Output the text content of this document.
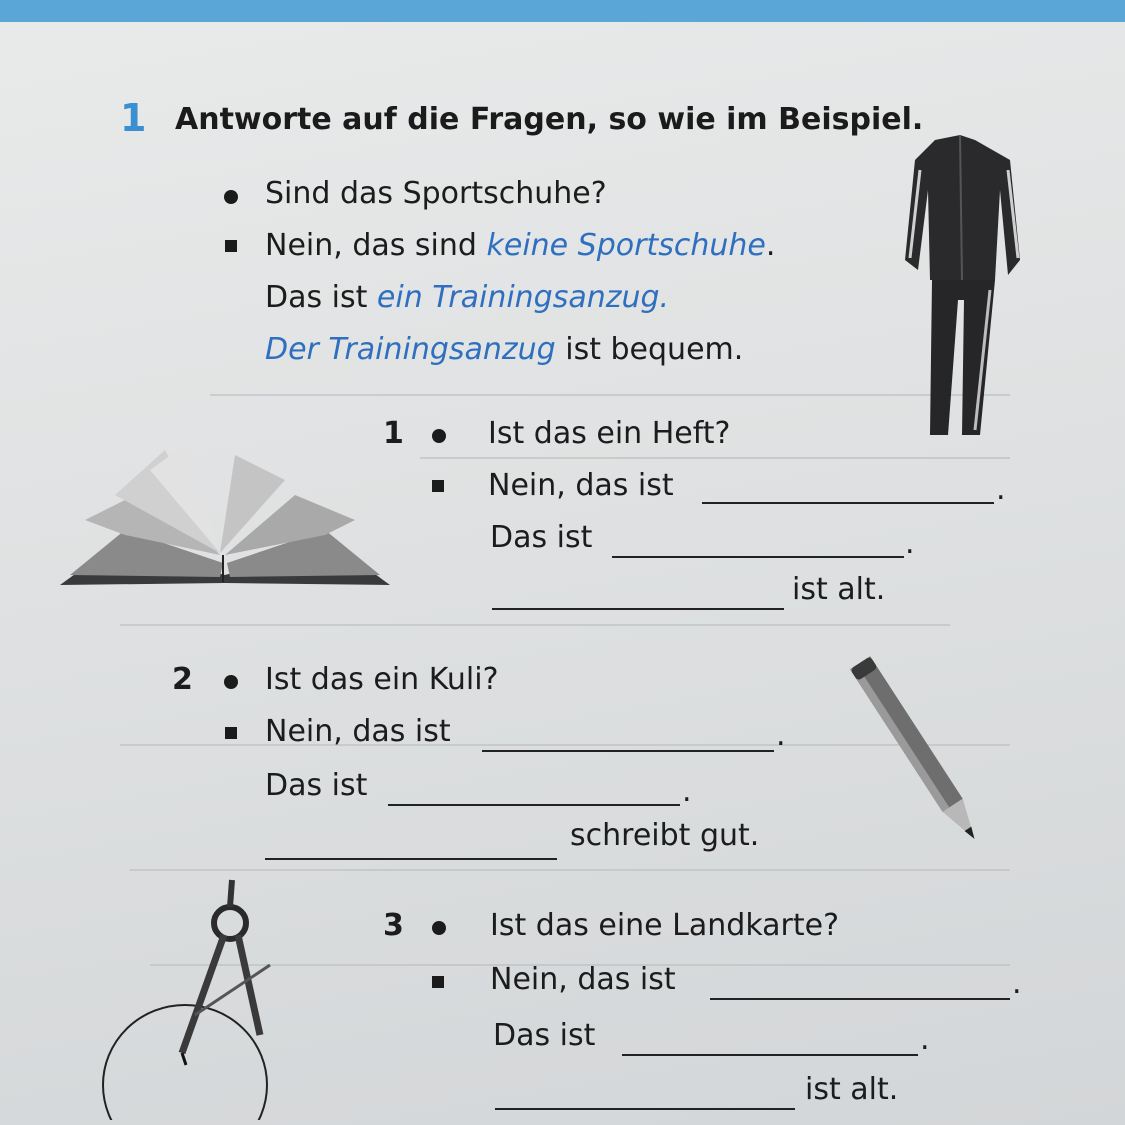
1 Antworte auf die Fragen, so wie im Beispiel.
Sind das Sportschuhe?
Nein, das sind keine Sportschuhe.
Das ist ein Trainingsanzug.
Der Trainingsanzug ist bequem.
1	Ist das ein Heft?
Nein, das ist	.
Das ist	.
ist alt.
2 Ist das ein Kuli?
Nein, das ist	.
Das ist	.
schreibt gut.
3	Ist das eine Landkarte?
Nein, das ist	.
Das ist	.
ist alt.
